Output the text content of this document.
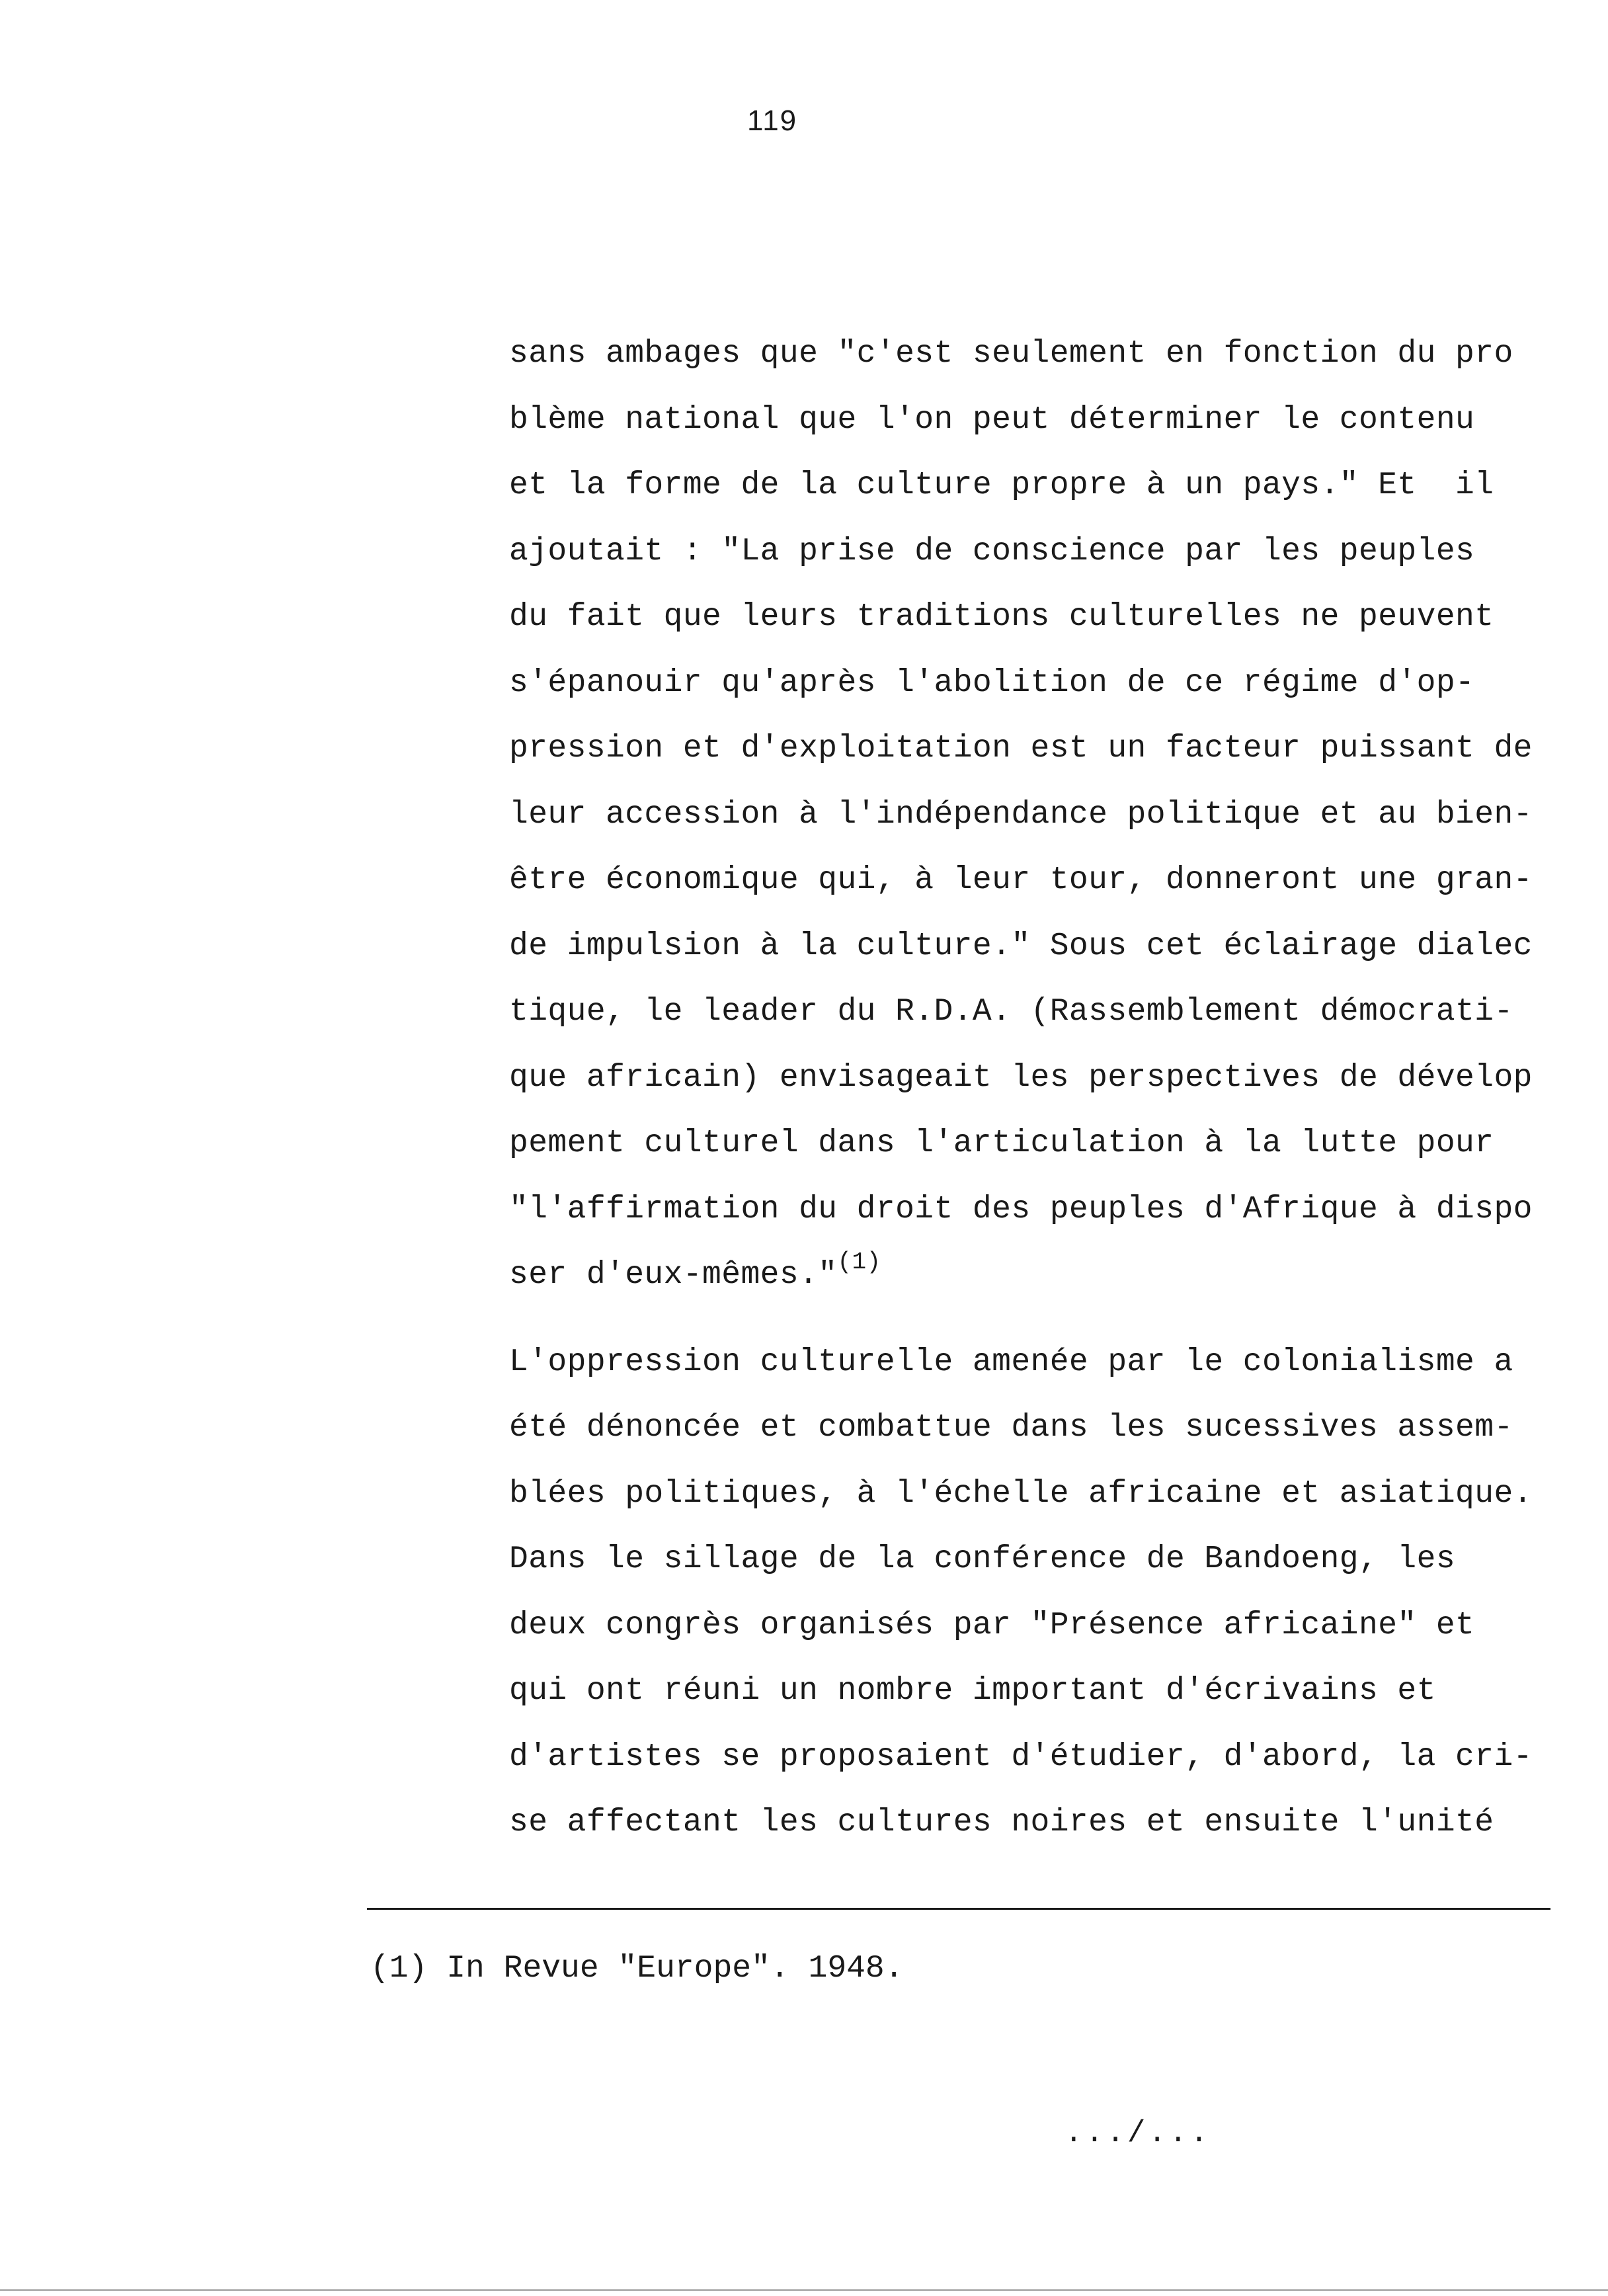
119
sans ambages que "c'est seulement en fonction du pro
blème national que l'on peut déterminer le contenu
et la forme de la culture propre à un pays." Et  il
ajoutait : "La prise de conscience par les peuples
du fait que leurs traditions culturelles ne peuvent
s'épanouir qu'après l'abolition de ce régime d'op-
pression et d'exploitation est un facteur puissant de
leur accession à l'indépendance politique et au bien-
être économique qui, à leur tour, donneront une gran-
de impulsion à la culture." Sous cet éclairage dialec
tique, le leader du R.D.A. (Rassemblement démocrati-
que africain) envisageait les perspectives de dévelop
pement culturel dans l'articulation à la lutte pour
"l'affirmation du droit des peuples d'Afrique à dispo
ser d'eux-mêmes."$^{(1)}$
L'oppression culturelle amenée par le colonialisme a
été dénoncée et combattue dans les sucessives assem-
blées politiques, à l'échelle africaine et asiatique.
Dans le sillage de la conférence de Bandoeng, les
deux congrès organisés par "Présence africaine" et
qui ont réuni un nombre important d'écrivains et
d'artistes se proposaient d'étudier, d'abord, la cri-
se affectant les cultures noires et ensuite l'unité
(1) In Revue "Europe". 1948.
.../...
